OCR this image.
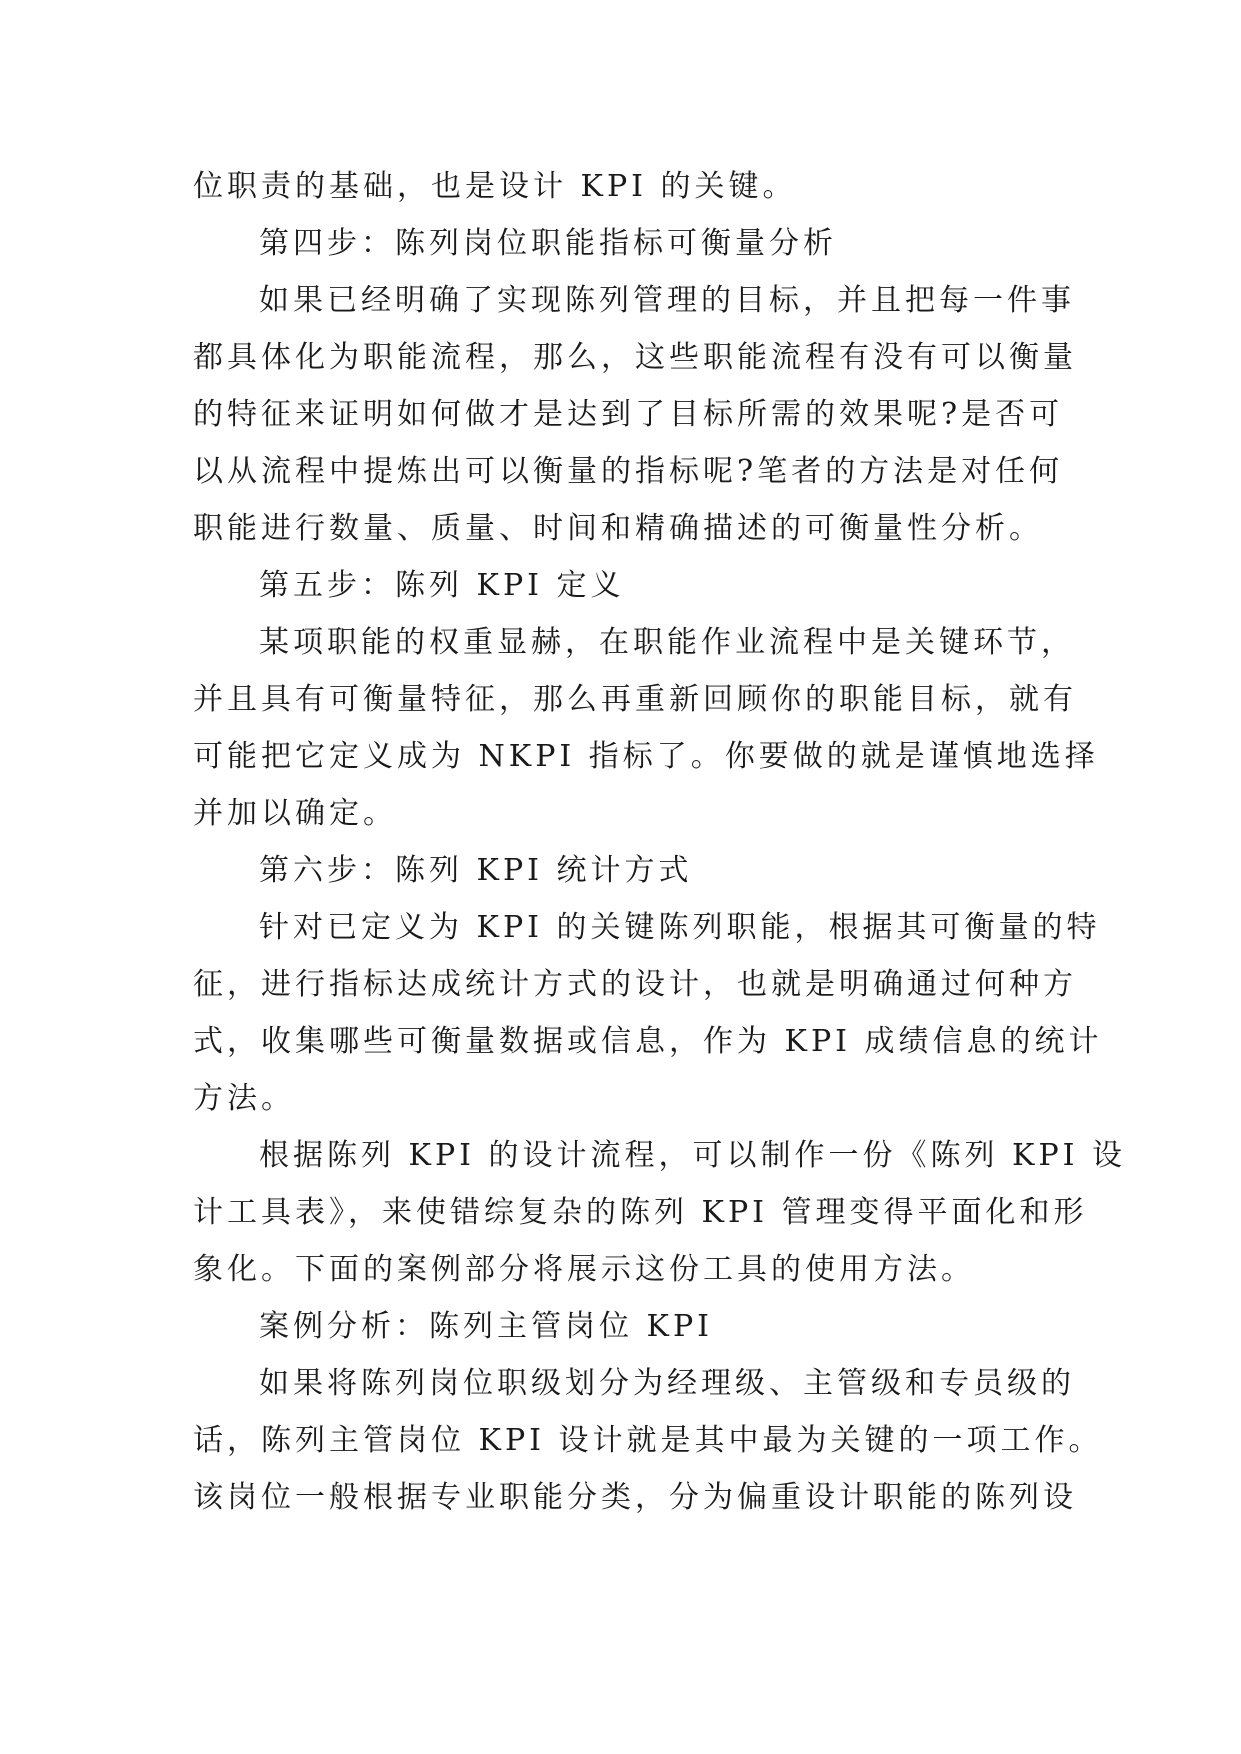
位职责的基础，也是设计 KPI 的关键。
第四步：陈列岗位职能指标可衡量分析
如果已经明确了实现陈列管理的目标，并且把每一件事
都具体化为职能流程，那么，这些职能流程有没有可以衡量
的特征来证明如何做才是达到了目标所需的效果呢?是否可
以从流程中提炼出可以衡量的指标呢?笔者的方法是对任何
职能进行数量、质量、时间和精确描述的可衡量性分析。
第五步：陈列 KPI 定义
某项职能的权重显赫，在职能作业流程中是关键环节，
并且具有可衡量特征，那么再重新回顾你的职能目标，就有
可能把它定义成为 NKPI 指标了。你要做的就是谨慎地选择
并加以确定。
第六步：陈列 KPI 统计方式
针对已定义为 KPI 的关键陈列职能，根据其可衡量的特
征，进行指标达成统计方式的设计，也就是明确通过何种方
式，收集哪些可衡量数据或信息，作为 KPI 成绩信息的统计
方法。
根据陈列 KPI 的设计流程，可以制作一份《陈列 KPI 设
计工具表》，来使错综复杂的陈列 KPI 管理变得平面化和形
象化。下面的案例部分将展示这份工具的使用方法。
案例分析：陈列主管岗位 KPI
如果将陈列岗位职级划分为经理级、主管级和专员级的
话，陈列主管岗位 KPI 设计就是其中最为关键的一项工作。
该岗位一般根据专业职能分类，分为偏重设计职能的陈列设
